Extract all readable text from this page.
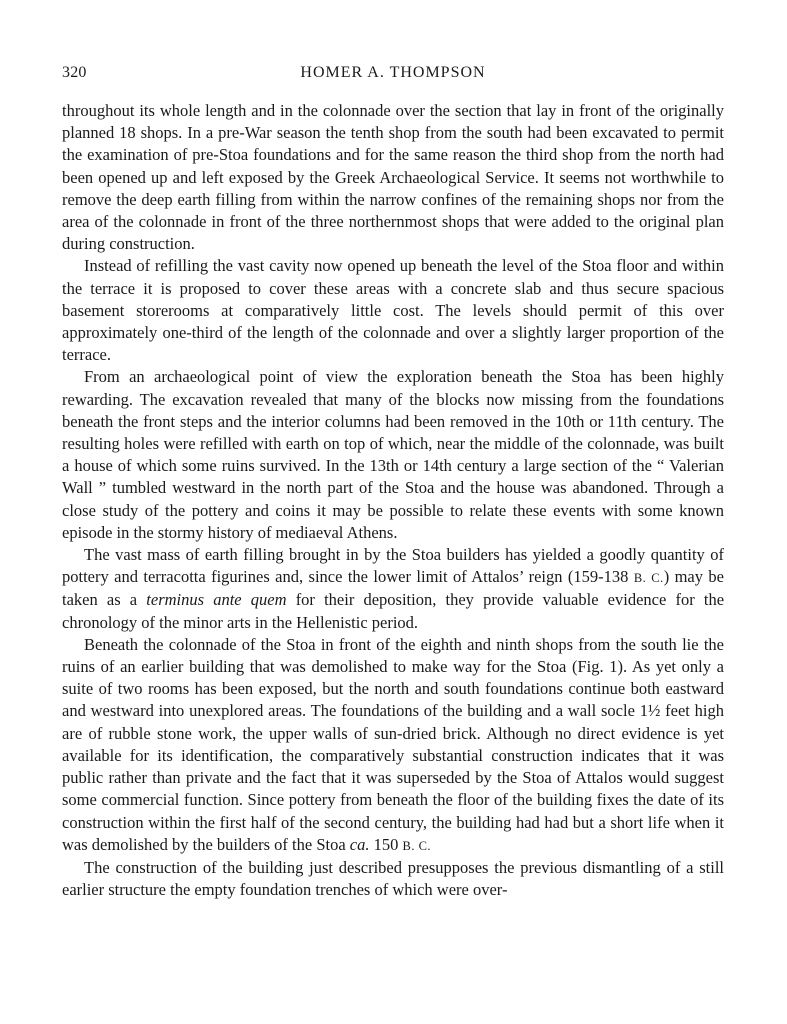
320	HOMER A. THOMPSON

throughout its whole length and in the colonnade over the section that lay in front of the originally planned 18 shops. In a pre-War season the tenth shop from the south had been excavated to permit the examination of pre-Stoa foundations and for the same reason the third shop from the north had been opened up and left exposed by the Greek Archaeological Service. It seems not worthwhile to remove the deep earth filling from within the narrow confines of the remaining shops nor from the area of the colonnade in front of the three northernmost shops that were added to the original plan during construction.

Instead of refilling the vast cavity now opened up beneath the level of the Stoa floor and within the terrace it is proposed to cover these areas with a concrete slab and thus secure spacious basement storerooms at comparatively little cost. The levels should permit of this over approximately one-third of the length of the colonnade and over a slightly larger proportion of the terrace.

From an archaeological point of view the exploration beneath the Stoa has been highly rewarding. The excavation revealed that many of the blocks now missing from the foundations beneath the front steps and the interior columns had been removed in the 10th or 11th century. The resulting holes were refilled with earth on top of which, near the middle of the colonnade, was built a house of which some ruins survived. In the 13th or 14th century a large section of the “ Valerian Wall ” tumbled westward in the north part of the Stoa and the house was abandoned. Through a close study of the pottery and coins it may be possible to relate these events with some known episode in the stormy history of mediaeval Athens.

The vast mass of earth filling brought in by the Stoa builders has yielded a goodly quantity of pottery and terracotta figurines and, since the lower limit of Attalos’ reign (159-138 B. C.) may be taken as a terminus ante quem for their deposition, they provide valuable evidence for the chronology of the minor arts in the Hellenistic period.

Beneath the colonnade of the Stoa in front of the eighth and ninth shops from the south lie the ruins of an earlier building that was demolished to make way for the Stoa (Fig. 1). As yet only a suite of two rooms has been exposed, but the north and south foundations continue both eastward and westward into unexplored areas. The foundations of the building and a wall socle 1½ feet high are of rubble stone work, the upper walls of sun-dried brick. Although no direct evidence is yet available for its identification, the comparatively substantial construction indicates that it was public rather than private and the fact that it was superseded by the Stoa of Attalos would suggest some commercial function. Since pottery from beneath the floor of the building fixes the date of its construction within the first half of the second century, the building had had but a short life when it was demolished by the builders of the Stoa ca. 150 B. C.

The construction of the building just described presupposes the previous dismantling of a still earlier structure the empty foundation trenches of which were over-
